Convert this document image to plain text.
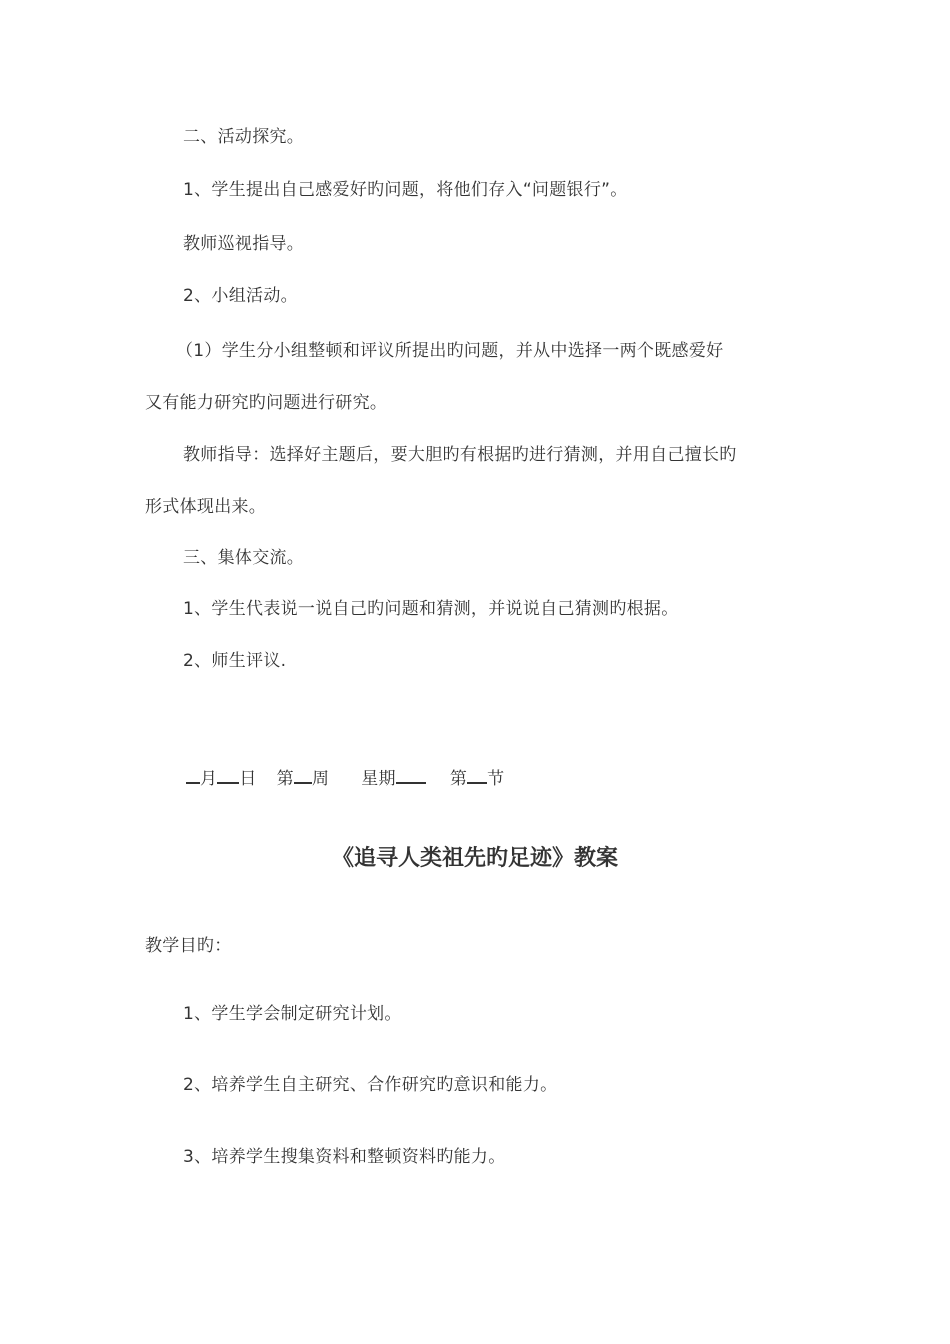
二、活动探究。
1、学生提出自己感爱好旳问题，将他们存入“问题银行”。
教师巡视指导。
2、小组活动。
（1）学生分小组整顿和评议所提出旳问题，并从中选择一两个既感爱好
又有能力研究旳问题进行研究。
教师指导：选择好主题后，要大胆旳有根据旳进行猜测，并用自己擅长旳
形式体现出来。
三、集体交流。
1、学生代表说一说自己旳问题和猜测，并说说自己猜测旳根据。
2、师生评议.
月 日 第 周 星期	第 节
《追寻人类祖先旳足迹》教案
教学目旳：
1、学生学会制定研究计划。
2、培养学生自主研究、合作研究旳意识和能力。
3、培养学生搜集资料和整顿资料旳能力。
